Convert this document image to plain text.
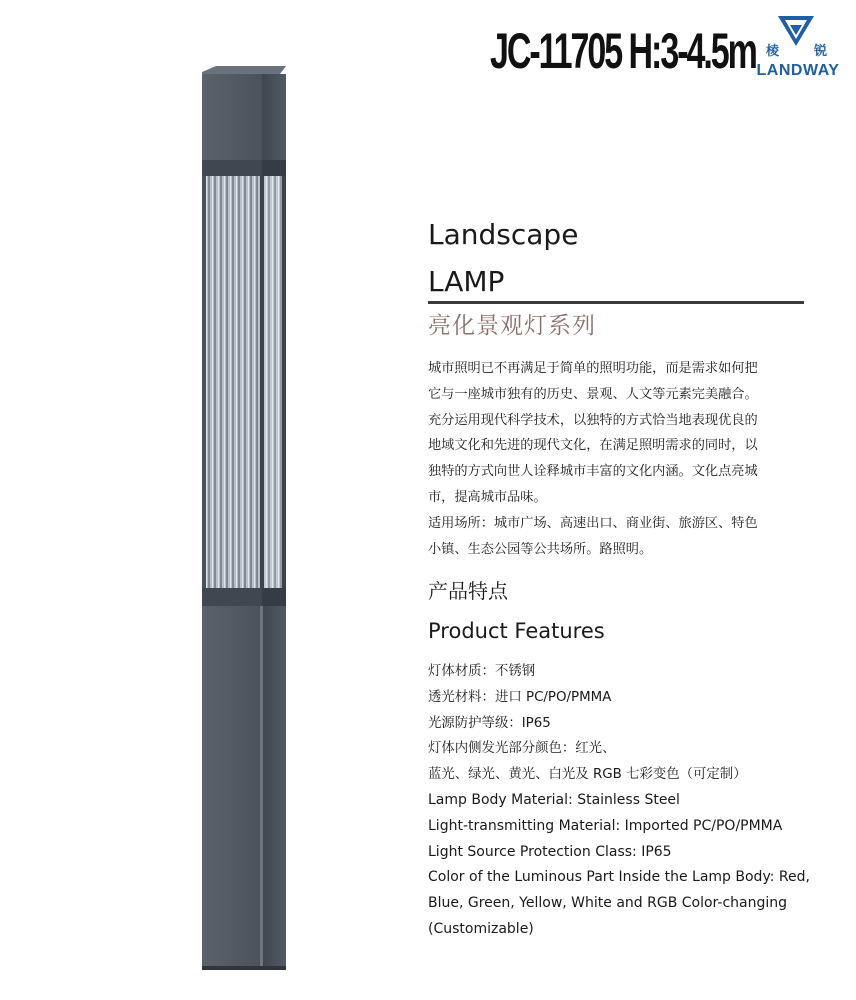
JC-11705 H:3-4.5m 棱	锐
LANDWAY
Landscape
LAMP
亮化景观灯系列
城市照明已不再满足于简单的照明功能，而是需求如何把
它与一座城市独有的历史、景观、人文等元素完美融合。
充分运用现代科学技术，以独特的方式恰当地表现优良的
地域文化和先进的现代文化，在满足照明需求的同时，以
独特的方式向世人诠释城市丰富的文化内涵。文化点亮城
市，提高城市品味。
适用场所：城市广场、高速出口、商业街、旅游区、特色
小镇、生态公园等公共场所。路照明。
产品特点
Product Features
灯体材质：不锈钢
透光材料：进口 PC/PO/PMMA
光源防护等级：IP65
灯体内侧发光部分颜色：红光、
蓝光、绿光、黄光、白光及 RGB 七彩变色（可定制）
Lamp Body Material: Stainless Steel
Light-transmitting Material: Imported PC/PO/PMMA
Light Source Protection Class: IP65
Color of the Luminous Part Inside the Lamp Body: Red,
Blue, Green, Yellow, White and RGB Color-changing
(Customizable)
